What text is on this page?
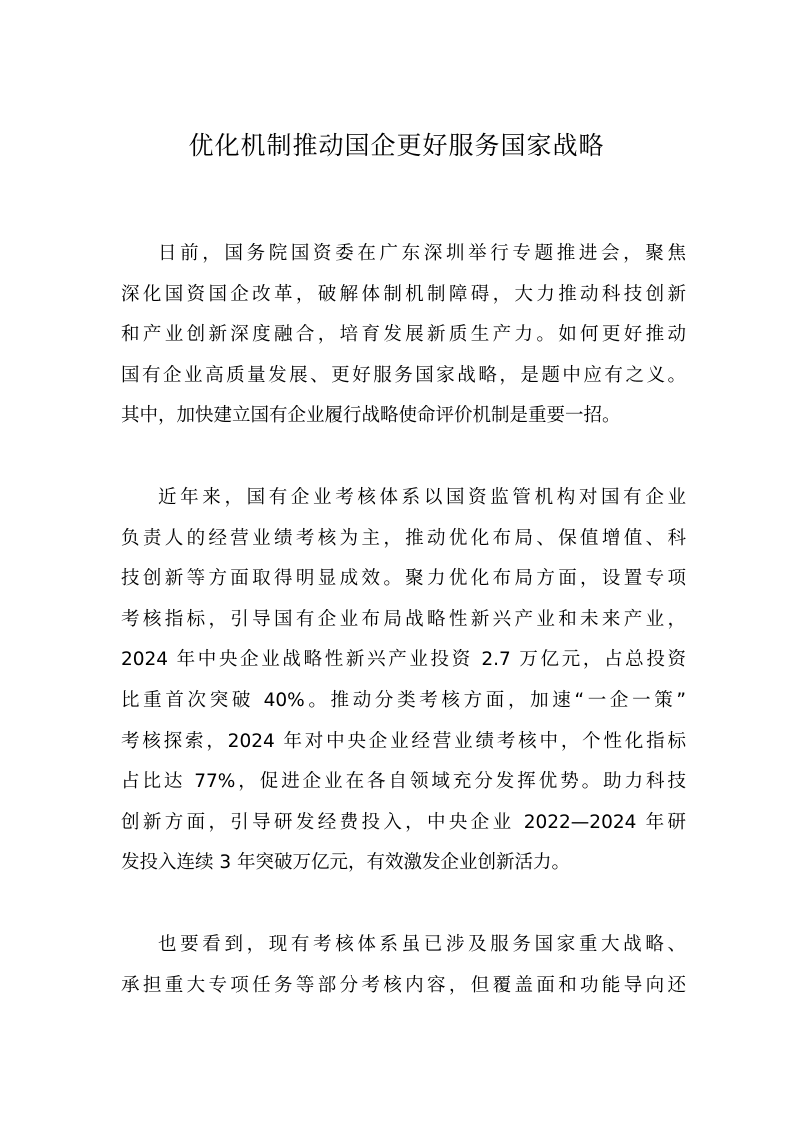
优化机制推动国企更好服务国家战略
日前，国务院国资委在广东深圳举行专题推进会，聚焦
深化国资国企改革，破解体制机制障碍，大力推动科技创新
和产业创新深度融合，培育发展新质生产力。如何更好推动
国有企业高质量发展、更好服务国家战略，是题中应有之义。
其中，加快建立国有企业履行战略使命评价机制是重要一招。
近年来，国有企业考核体系以国资监管机构对国有企业
负责人的经营业绩考核为主，推动优化布局、保值增值、科
技创新等方面取得明显成效。聚力优化布局方面，设置专项
考核指标，引导国有企业布局战略性新兴产业和未来产业，
2024 年中央企业战略性新兴产业投资 2.7 万亿元，占总投资
比重首次突破 40%。推动分类考核方面，加速“一企一策”
考核探索，2024 年对中央企业经营业绩考核中，个性化指标
占比达 77%，促进企业在各自领域充分发挥优势。助力科技
创新方面，引导研发经费投入，中央企业 2022—2024 年研
发投入连续 3 年突破万亿元，有效激发企业创新活力。
也要看到，现有考核体系虽已涉及服务国家重大战略、
承担重大专项任务等部分考核内容，但覆盖面和功能导向还
